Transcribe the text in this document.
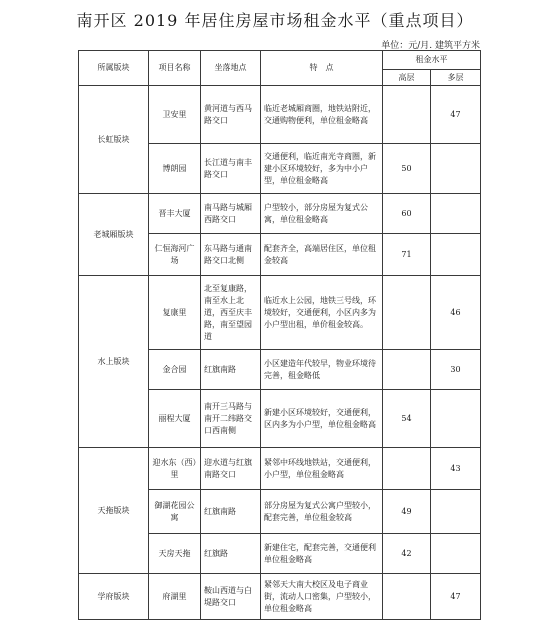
南开区 2019 年居住房屋市场租金水平（重点项目）
单位：元/月. 建筑平方米
所属版块	项目名称	坐落地点	特　点	租金水平	
				高层	多层
长虹版块	卫安里	黄河道与西马路交口	临近老城厢商圈，地铁站附近，交通购物便利，单位租金略高		47
	博朗园	长江道与南丰路交口	交通便利，临近南光寺商圈，新建小区环境较好，多为中小户型，单位租金略高	50	
老城厢版块	晋丰大厦	南马路与城厢西路交口	户型较小，部分房屋为复式公寓，单位租金略高	60	
	仁恒海河广场	东马路与通南路交口北侧	配套齐全，高端居住区，单位租金较高	71	
水上版块	复康里	北至复康路，南至水上北道，西至庆丰路，南至望园道	临近水上公园，地铁三号线，环境较好，交通便利，小区内多为小户型出租，单价租金较高。		46
	金合园	红旗南路	小区建造年代较早，物业环境待完善，租金略低		30
	丽程大厦	南开三马路与南开二纬路交口西南侧	新建小区环境较好，交通便利，区内多为小户型，单位租金略高	54	
天拖版块	迎水东（西）里	迎水道与红旗南路交口	紧邻中环线地铁站，交通便利，小户型，单位租金略高		43
	御湖花园公寓	红旗南路	部分房屋为复式公寓户型较小，配套完善，单位租金较高	49	
	天房天拖	红旗路	新建住宅，配套完善，交通便利单位租金略高	42	
学府版块	府湖里	鞍山西道与白堤路交口	紧邻天大南大校区及电子商业街，流动人口密集，户型较小，单位租金略高		47
